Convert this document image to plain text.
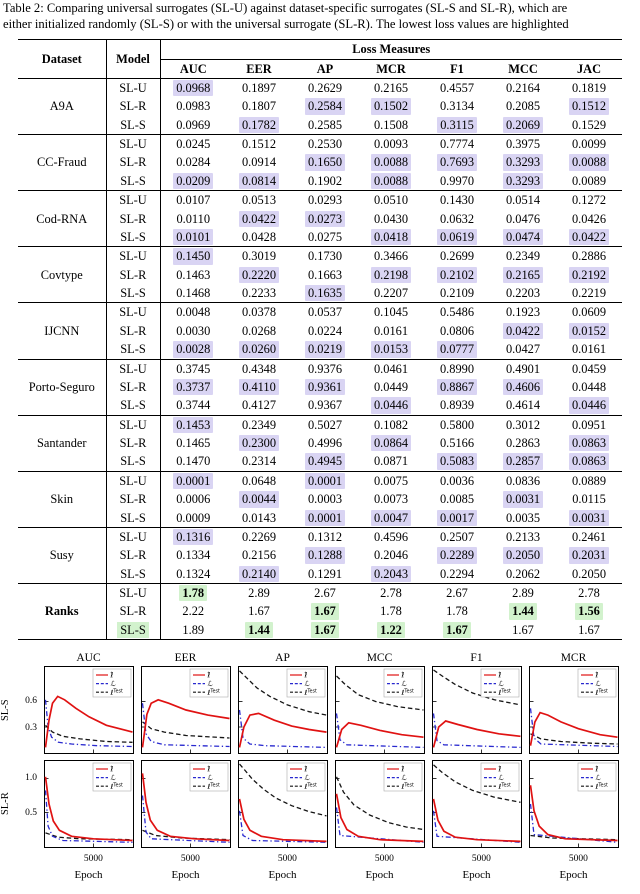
Table 2: Comparing universal surrogates (SL-U) against dataset-specific surrogates (SL-S and SL-R), which are
either initialized randomly (SL-S) or with the universal surrogate (SL-R). The lowest loss values are highlighted
Dataset	Model	Loss Measures						
		AUC	EER	AP	MCR	F1	MCC	JAC
A9A	SL-U	0.0968	0.1897	0.2629	0.2165	0.4557	0.2164	0.1819
	SL-R	0.0983	0.1807	0.2584	0.1502	0.3134	0.2085	0.1512
	SL-S	0.0969	0.1782	0.2585	0.1508	0.3115	0.2069	0.1529
CC-Fraud	SL-U	0.0245	0.1512	0.2530	0.0093	0.7774	0.3975	0.0099
	SL-R	0.0284	0.0914	0.1650	0.0088	0.7693	0.3293	0.0088
	SL-S	0.0209	0.0814	0.1902	0.0088	0.9970	0.3293	0.0089
Cod-RNA	SL-U	0.0107	0.0513	0.0293	0.0510	0.1430	0.0514	0.1272
	SL-R	0.0110	0.0422	0.0273	0.0430	0.0632	0.0476	0.0426
	SL-S	0.0101	0.0428	0.0275	0.0418	0.0619	0.0474	0.0422
Covtype	SL-U	0.1450	0.3019	0.1730	0.3466	0.2699	0.2349	0.2886
	SL-R	0.1463	0.2220	0.1663	0.2198	0.2102	0.2165	0.2192
	SL-S	0.1468	0.2233	0.1635	0.2207	0.2109	0.2203	0.2219
IJCNN	SL-U	0.0048	0.0378	0.0537	0.1045	0.5486	0.1923	0.0609
	SL-R	0.0030	0.0268	0.0224	0.0161	0.0806	0.0422	0.0152
	SL-S	0.0028	0.0260	0.0219	0.0153	0.0777	0.0427	0.0161
Porto-Seguro	SL-U	0.3745	0.4348	0.9376	0.0461	0.8990	0.4901	0.0459
	SL-R	0.3737	0.4110	0.9361	0.0449	0.8867	0.4606	0.0448
	SL-S	0.3744	0.4127	0.9367	0.0446	0.8939	0.4614	0.0446
Santander	SL-U	0.1453	0.2349	0.5027	0.1082	0.5800	0.3012	0.0951
	SL-R	0.1465	0.2300	0.4996	0.0864	0.5166	0.2863	0.0863
	SL-S	0.1470	0.2314	0.4945	0.0871	0.5083	0.2857	0.0863
Skin	SL-U	0.0001	0.0648	0.0001	0.0075	0.0036	0.0836	0.0889
	SL-R	0.0006	0.0044	0.0003	0.0073	0.0085	0.0031	0.0115
	SL-S	0.0009	0.0143	0.0001	0.0047	0.0017	0.0035	0.0031
Susy	SL-U	0.1316	0.2269	0.1312	0.4596	0.2507	0.2133	0.2461
	SL-R	0.1334	0.2156	0.1288	0.2046	0.2289	0.2050	0.2031
	SL-S	0.1324	0.2140	0.1291	0.2043	0.2294	0.2062	0.2050
Ranks	SL-U	1.78	2.89	2.67	2.78	2.67	2.89	2.78
	SL-R	2.22	1.67	1.67	1.78	1.78	1.44	1.56
	SL-S	1.89	1.44	1.67	1.22	1.67	1.67	1.67
AUC	EER	AP	MCC	F1	MCR
SL-S	0.6
0.3
ℓ̂
ℒ
ℓ$^{Test}$
ℓ̂
ℒ
ℓ$^{Test}$
ℓ̂
ℒ
ℓ$^{Test}$
ℓ̂
ℒ
ℓ$^{Test}$
ℓ̂
ℒ
ℓ$^{Test}$
ℓ̂
ℒ
ℓ$^{Test}$
SL-R
1.0
0.5
ℓ̂
ℒ
ℓ$^{Test}$
ℓ̂
ℒ
ℓ$^{Test}$
ℓ̂
ℒ
ℓ$^{Test}$
ℓ̂
ℒ
ℓ$^{Test}$
ℓ̂
ℒ
ℓ$^{Test}$
ℓ̂
ℒ
ℓ$^{Test}$
5000
Epoch
5000
Epoch
5000
Epoch
5000
Epoch
5000
Epoch
5000
Epoch
